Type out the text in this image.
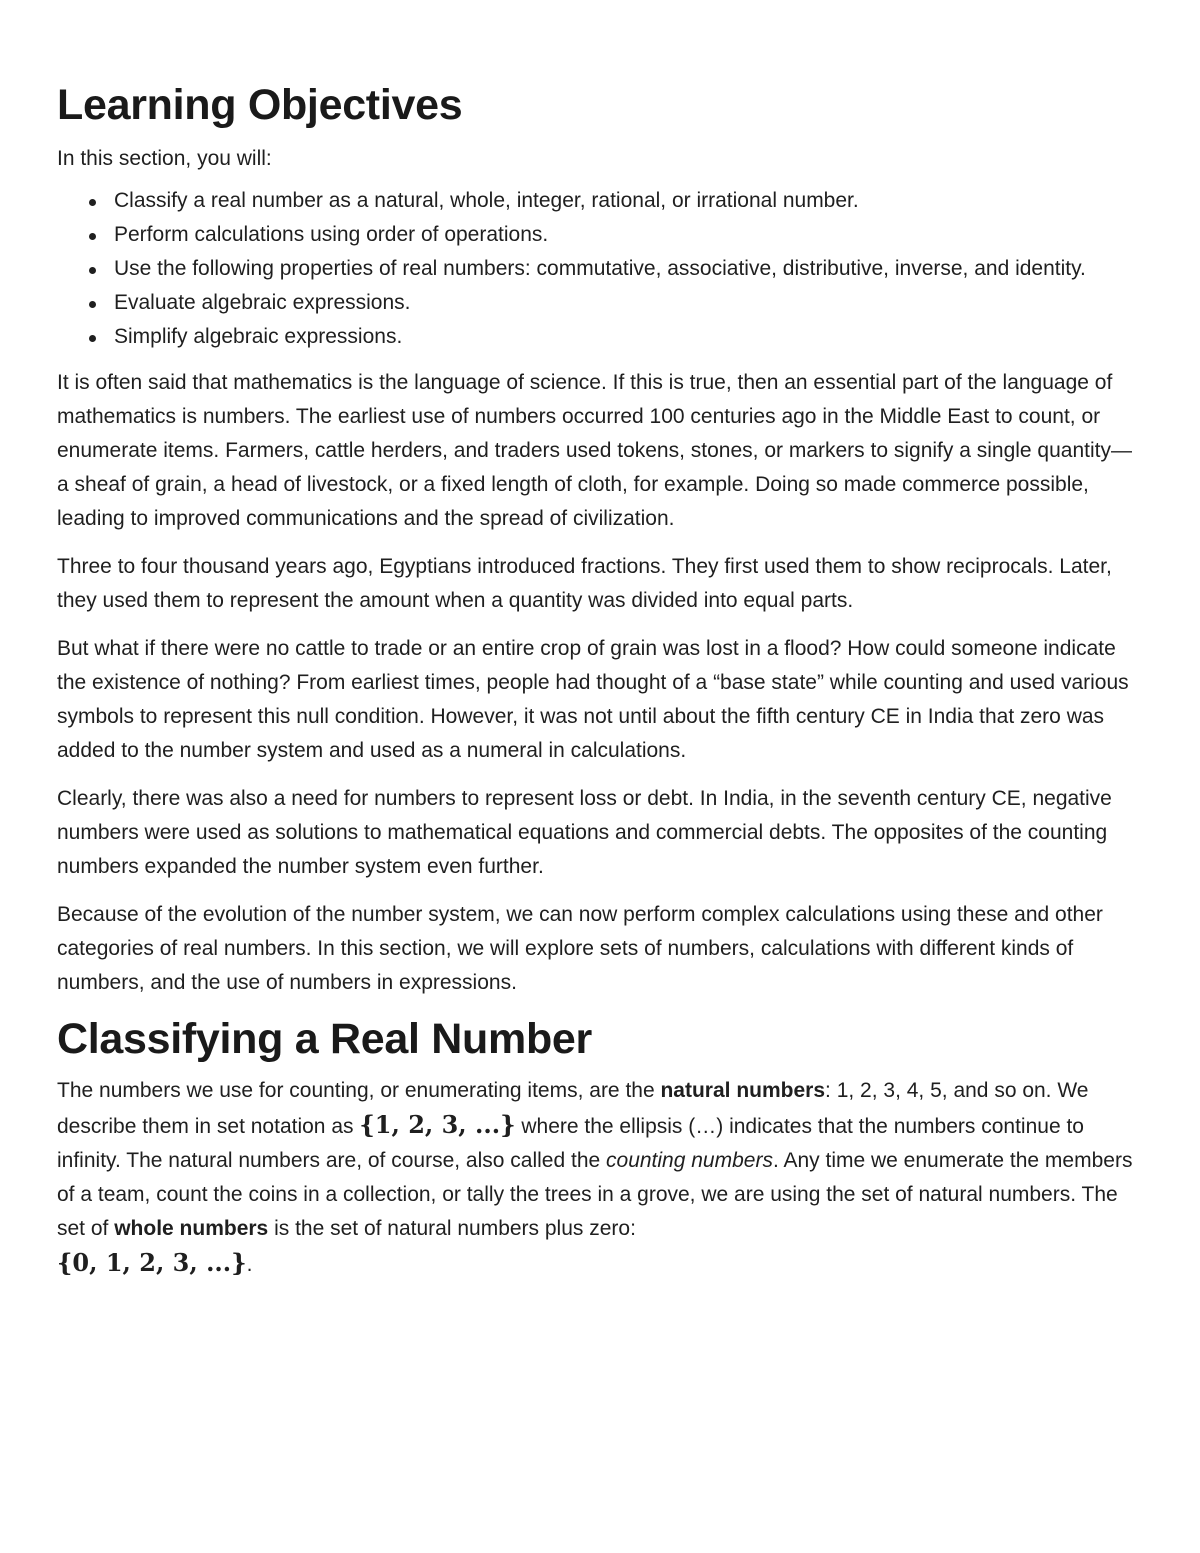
Learning Objectives

In this section, you will:

Classify a real number as a natural, whole, integer, rational, or irrational number.
Perform calculations using order of operations.
Use the following properties of real numbers: commutative, associative, distributive, inverse, and identity.
Evaluate algebraic expressions.
Simplify algebraic expressions.

It is often said that mathematics is the language of science. If this is true, then an essential part of the language of mathematics is numbers. The earliest use of numbers occurred 100 centuries ago in the Middle East to count, or enumerate items. Farmers, cattle herders, and traders used tokens, stones, or markers to signify a single quantity—a sheaf of grain, a head of livestock, or a fixed length of cloth, for example. Doing so made commerce possible, leading to improved communications and the spread of civilization.

Three to four thousand years ago, Egyptians introduced fractions. They first used them to show reciprocals. Later, they used them to represent the amount when a quantity was divided into equal parts.

But what if there were no cattle to trade or an entire crop of grain was lost in a flood? How could someone indicate the existence of nothing? From earliest times, people had thought of a “base state” while counting and used various symbols to represent this null condition. However, it was not until about the fifth century CE in India that zero was added to the number system and used as a numeral in calculations.

Clearly, there was also a need for numbers to represent loss or debt. In India, in the seventh century CE, negative numbers were used as solutions to mathematical equations and commercial debts. The opposites of the counting numbers expanded the number system even further.

Because of the evolution of the number system, we can now perform complex calculations using these and other categories of real numbers. In this section, we will explore sets of numbers, calculations with different kinds of numbers, and the use of numbers in expressions.

Classifying a Real Number

The numbers we use for counting, or enumerating items, are the natural numbers: 1, 2, 3, 4, 5, and so on. We describe them in set notation as {1, 2, 3, ...} where the ellipsis (…) indicates that the numbers continue to infinity. The natural numbers are, of course, also called the counting numbers. Any time we enumerate the members of a team, count the coins in a collection, or tally the trees in a grove, we are using the set of natural numbers. The set of whole numbers is the set of natural numbers plus zero:
{0, 1, 2, 3, ...}.
